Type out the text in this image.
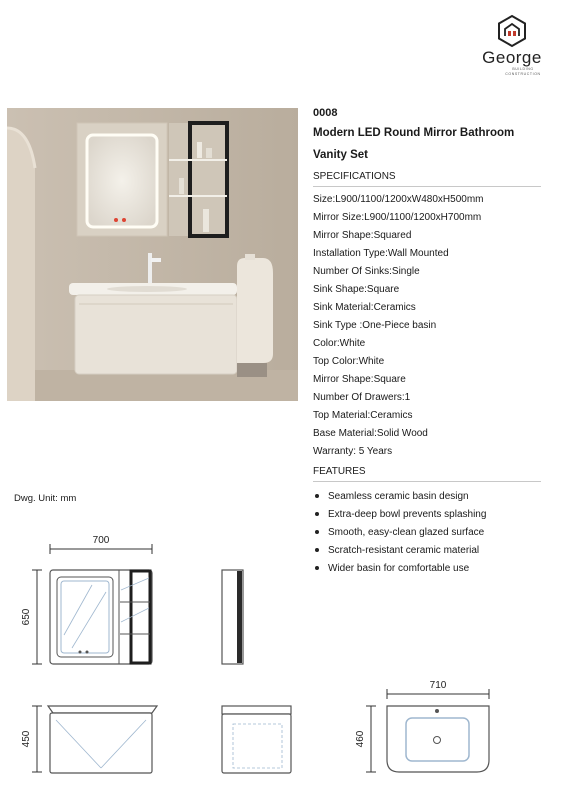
George
BUILDING CONSTRUCTION
0008
Modern LED Round Mirror Bathroom
Vanity Set
SPECIFICATIONS
Size:L900/1100/1200xW480xH500mm
Mirror Size:L900/1100/1200xH700mm
Mirror Shape:Squared
Installation Type:Wall Mounted
Number Of Sinks:Single
Sink Shape:Square
Sink Material:Ceramics
Sink Type :One-Piece basin
Color:White
Top Color:White
Mirror Shape:Square
Number Of Drawers:1
Top Material:Ceramics
Base Material:Solid Wood
Warranty: 5 Years
FEATURES
Seamless ceramic basin design
Extra-deep bowl prevents splashing
Smooth, easy-clean glazed surface
Scratch-resistant ceramic material
Wider basin for comfortable use
Dwg. Unit: mm
700
650
450
710
460
